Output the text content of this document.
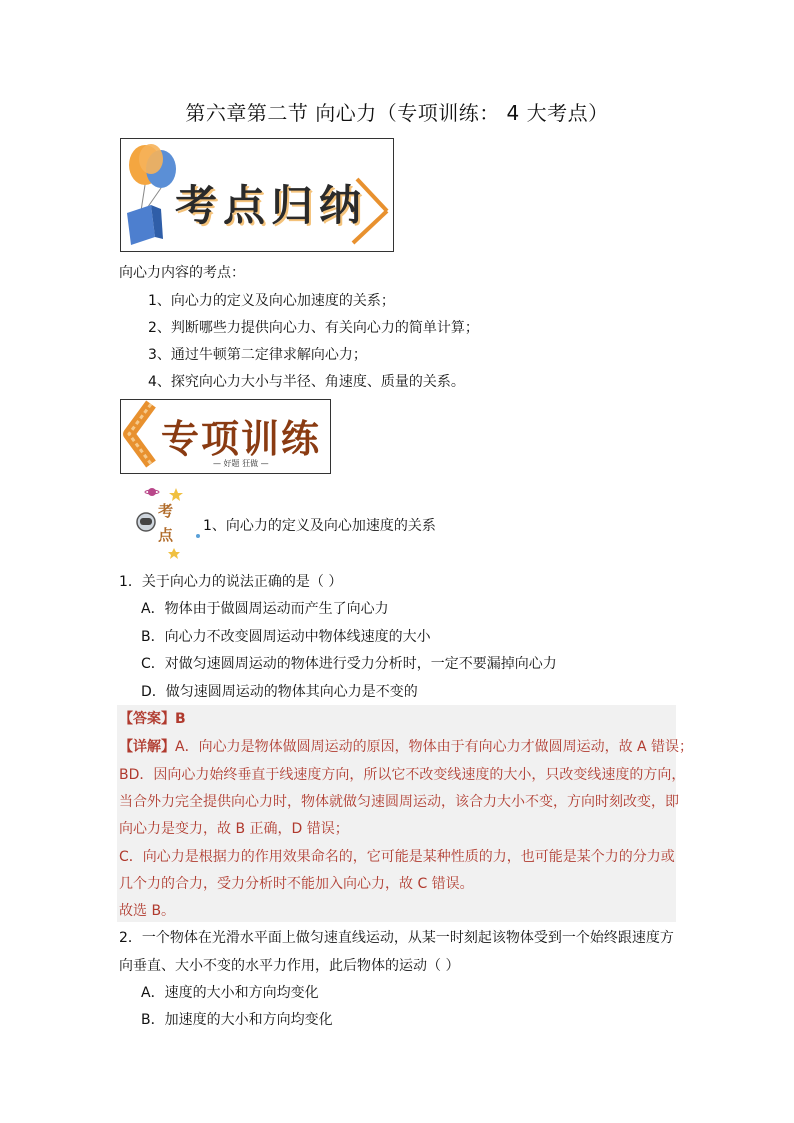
第六章第二节 向心力（专项训练： 4 大考点）
考点归纳
向心力内容的考点：
1、向心力的定义及向心加速度的关系；
2、判断哪些力提供向心力、有关向心力的简单计算；
3、通过牛顿第二定律求解向心力；
4、探究向心力大小与半径、角速度、质量的关系。
专项训练
— 好题 狂做 —
考
点 1、向心力的定义及向心加速度的关系
1．关于向心力的说法正确的是（ ）
A．物体由于做圆周运动而产生了向心力
B．向心力不改变圆周运动中物体线速度的大小
C．对做匀速圆周运动的物体进行受力分析时，一定不要漏掉向心力
D．做匀速圆周运动的物体其向心力是不变的
【答案】B
【详解】A．向心力是物体做圆周运动的原因，物体由于有向心力才做圆周运动，故 A 错误；
BD．因向心力始终垂直于线速度方向，所以它不改变线速度的大小，只改变线速度的方向，
当合外力完全提供向心力时，物体就做匀速圆周运动，该合力大小不变，方向时刻改变，即
向心力是变力，故 B 正确，D 错误；
C．向心力是根据力的作用效果命名的，它可能是某种性质的力，也可能是某个力的分力或
几个力的合力，受力分析时不能加入向心力，故 C 错误。
故选 B。
2．一个物体在光滑水平面上做匀速直线运动，从某一时刻起该物体受到一个始终跟速度方
向垂直、大小不变的水平力作用，此后物体的运动（ ）
A．速度的大小和方向均变化
B．加速度的大小和方向均变化
